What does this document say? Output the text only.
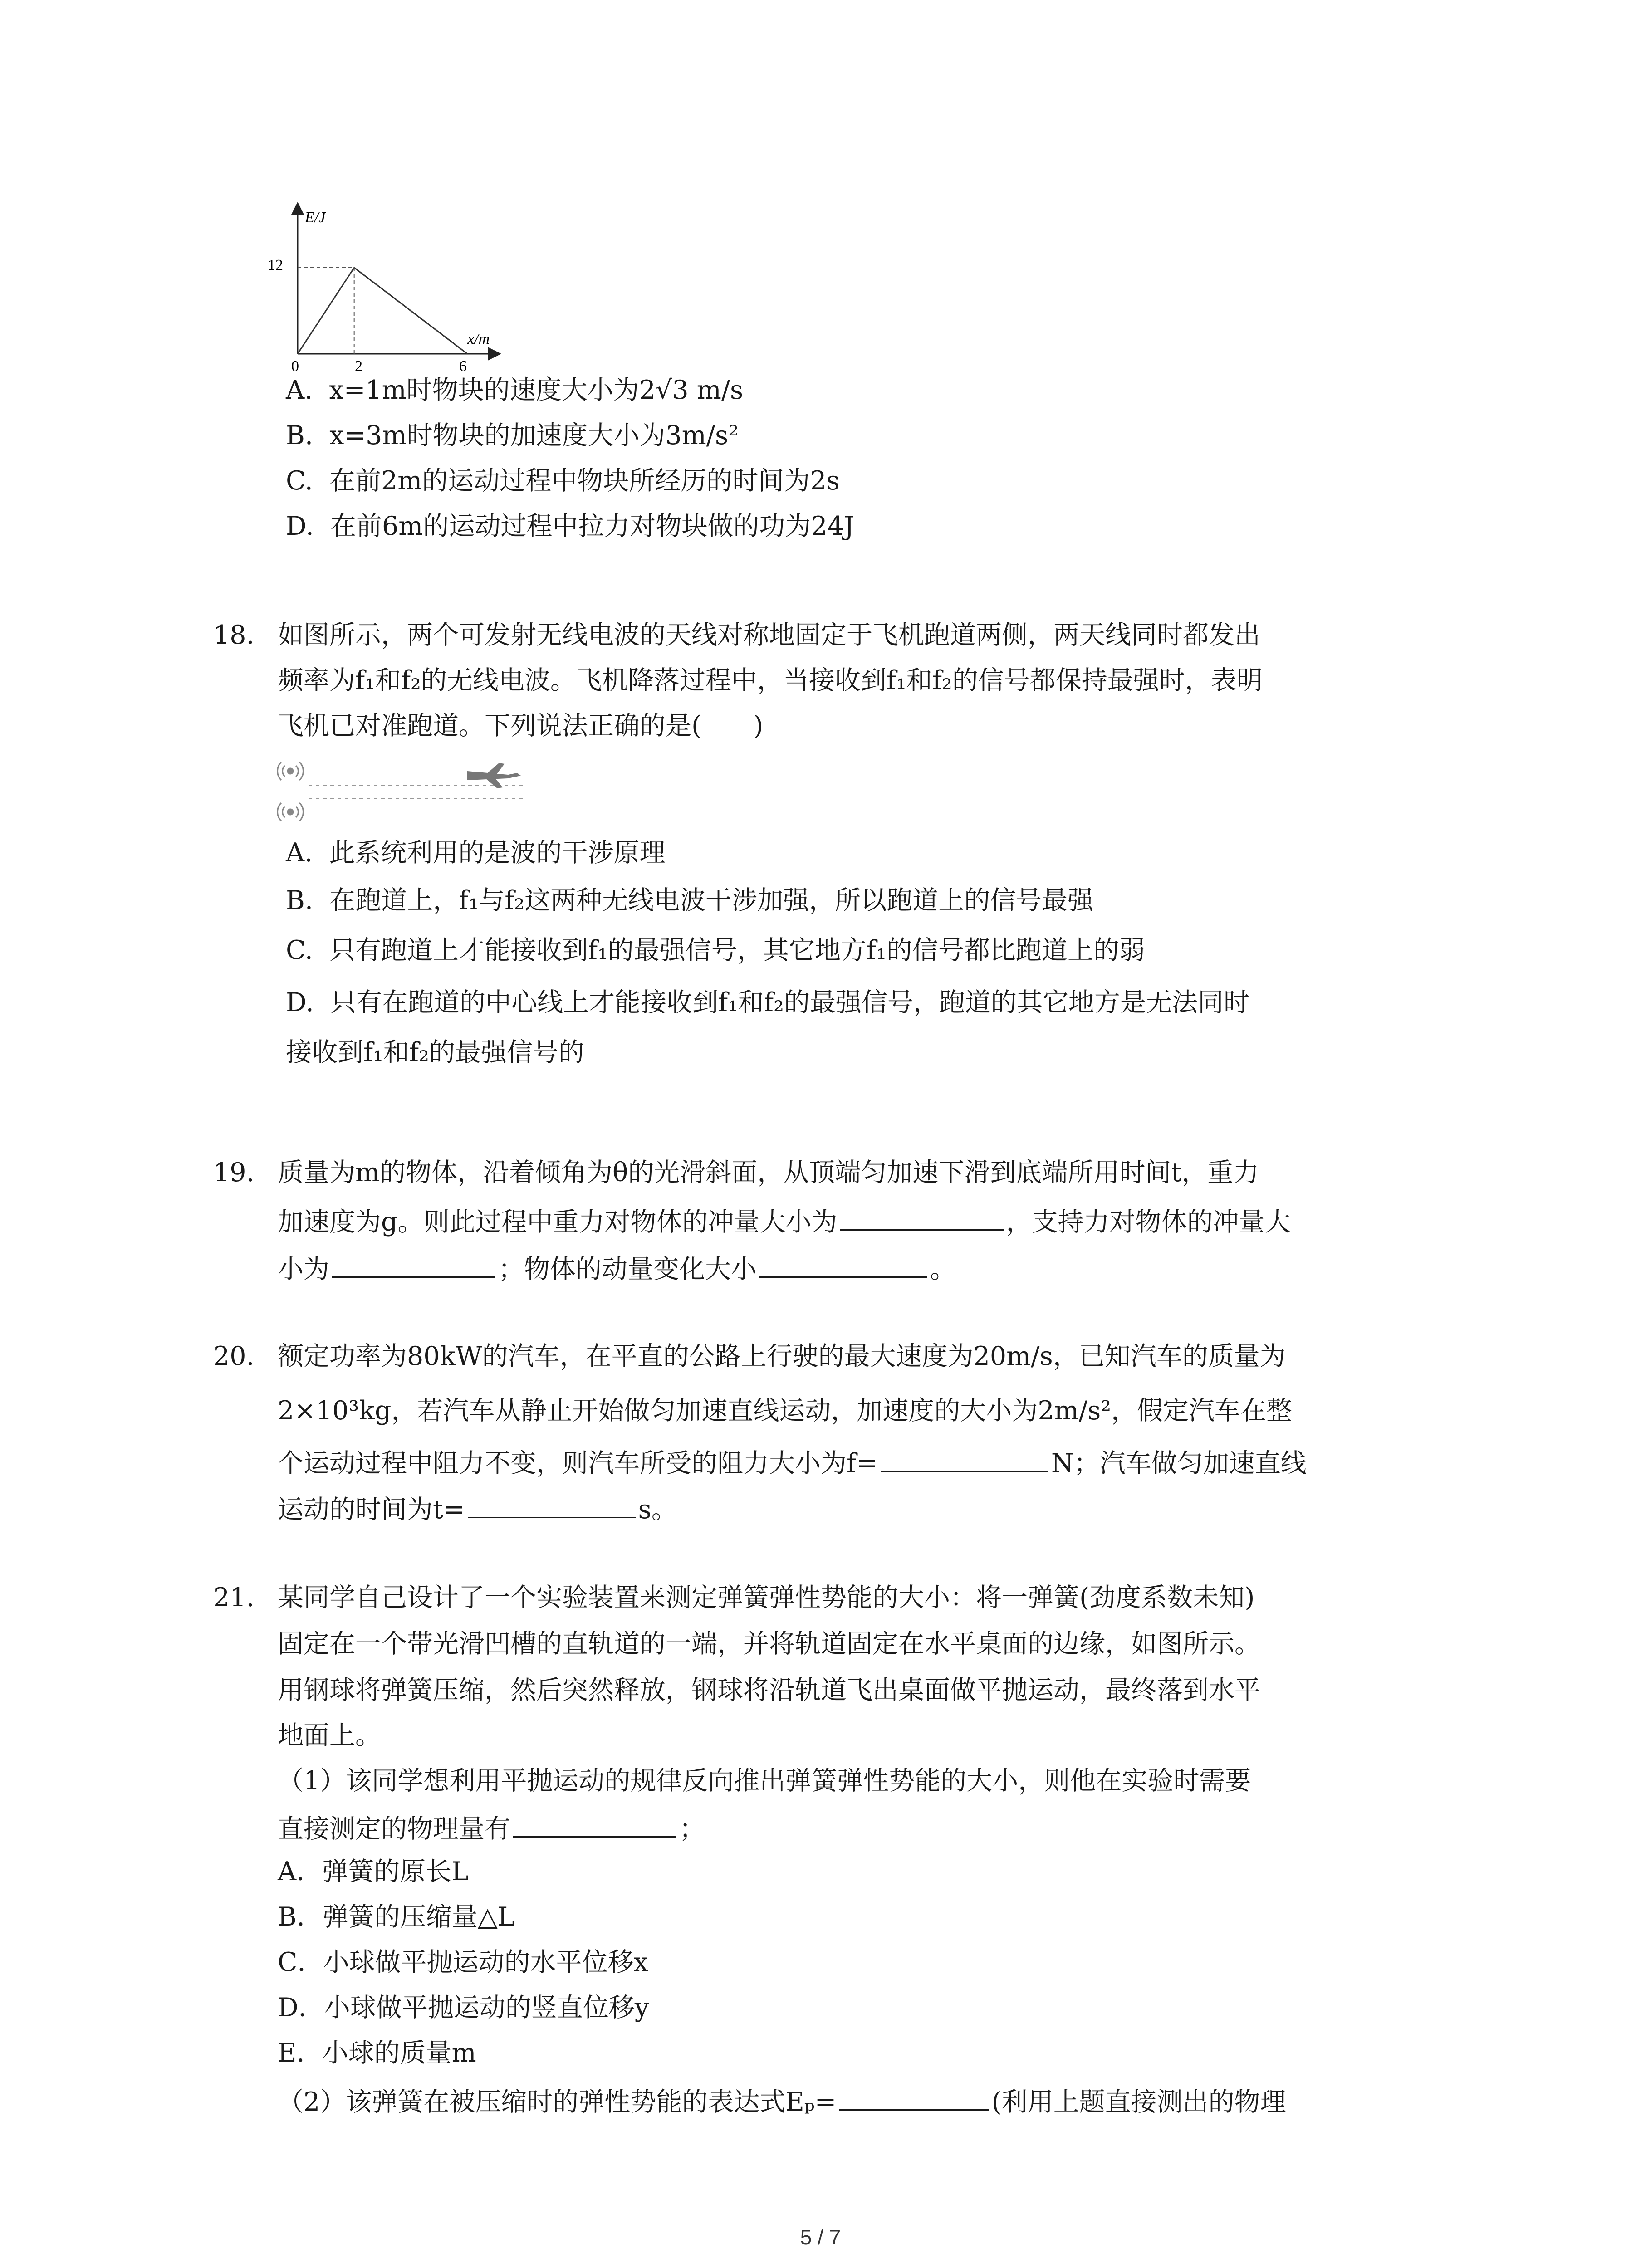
E/J
x/m
12
0	2	6
A. x=1m时物块的速度大小为2√3 m/s
B. x=3m时物块的加速度大小为3m/s²
C. 在前2m的运动过程中物块所经历的时间为2s
D. 在前6m的运动过程中拉力对物块做的功为24J
18. 如图所示，两个可发射无线电波的天线对称地固定于飞机跑道两侧，两天线同时都发出
频率为f₁和f₂的无线电波。飞机降落过程中，当接收到f₁和f₂的信号都保持最强时，表明
飞机已对准跑道。下列说法正确的是(　　)
A. 此系统利用的是波的干涉原理
B. 在跑道上，f₁与f₂这两种无线电波干涉加强，所以跑道上的信号最强
C. 只有跑道上才能接收到f₁的最强信号，其它地方f₁的信号都比跑道上的弱
D. 只有在跑道的中心线上才能接收到f₁和f₂的最强信号，跑道的其它地方是无法同时
接收到f₁和f₂的最强信号的
19. 质量为m的物体，沿着倾角为θ的光滑斜面，从顶端匀加速下滑到底端所用时间t，重力
加速度为g。则此过程中重力对物体的冲量大小为	，支持力对物体的冲量大
小为	；物体的动量变化大小	。
20. 额定功率为80kW的汽车，在平直的公路上行驶的最大速度为20m/s，已知汽车的质量为
2×10³kg，若汽车从静止开始做匀加速直线运动，加速度的大小为2m/s²，假定汽车在整
个运动过程中阻力不变，则汽车所受的阻力大小为f=	N；汽车做匀加速直线
运动的时间为t=	s。
21. 某同学自己设计了一个实验装置来测定弹簧弹性势能的大小：将一弹簧(劲度系数未知)
固定在一个带光滑凹槽的直轨道的一端，并将轨道固定在水平桌面的边缘，如图所示。
用钢球将弹簧压缩，然后突然释放，钢球将沿轨道飞出桌面做平抛运动，最终落到水平
地面上。
（1）该同学想利用平抛运动的规律反向推出弹簧弹性势能的大小，则他在实验时需要
直接测定的物理量有	；
A．弹簧的原长L
B．弹簧的压缩量△L
C．小球做平抛运动的水平位移x
D．小球做平抛运动的竖直位移y
E．小球的质量m
（2）该弹簧在被压缩时的弹性势能的表达式Eₚ=	(利用上题直接测出的物理
5 / 7
